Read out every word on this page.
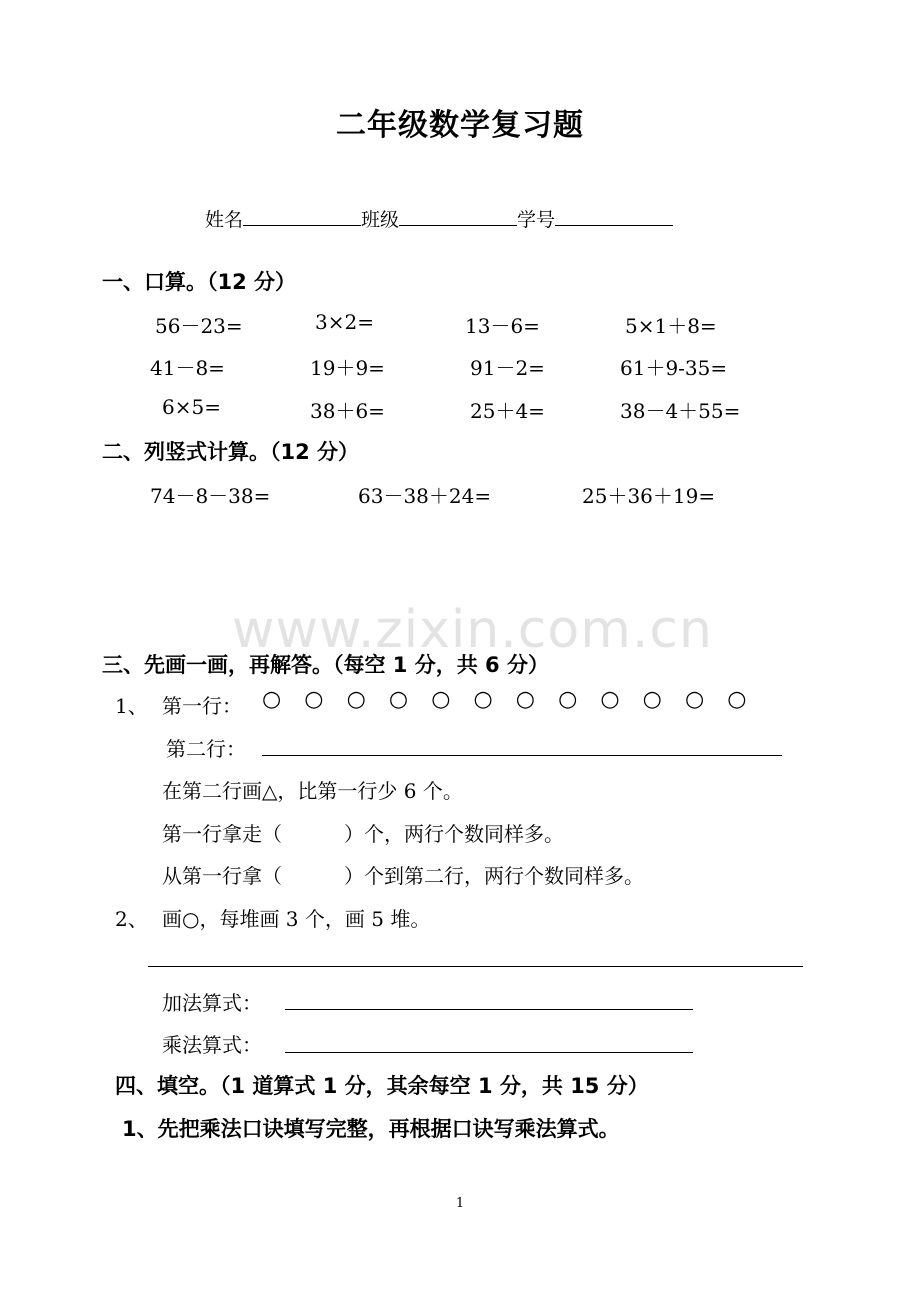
二年级数学复习题
姓名	班级	学号
一、口算。（12 分）
56－23=	3×2=	13－6=	5×1＋8=
41－8=	19＋9=	91－2=	61＋9-35=
6×5=	38＋6=	25＋4=	38－4＋55=
二、列竖式计算。（12 分）
74－8－38=	63－38＋24=	25＋36＋19=
www.zixin.com.cn
三、先画一画，再解答。（每空 1 分，共 6 分）
1、 第一行： ○ ○ ○ ○ ○ ○ ○ ○ ○ ○ ○ ○
第二行：
在第二行画△，比第一行少 6 个。
第一行拿走（	）个，两行个数同样多。
从第一行拿（	）个到第二行，两行个数同样多。
2、 画○，每堆画 3 个，画 5 堆。
加法算式：
乘法算式：
四、填空。（1 道算式 1 分，其余每空 1 分，共 15 分）
1、先把乘法口诀填写完整，再根据口诀写乘法算式。
1
